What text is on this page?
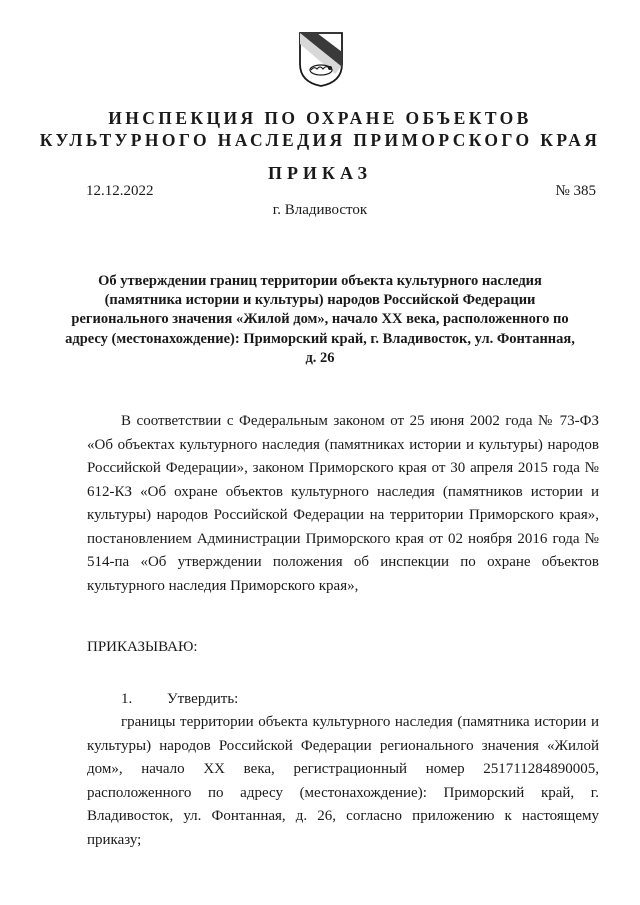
ИНСПЕКЦИЯ ПО ОХРАНЕ ОБЪЕКТОВ
КУЛЬТУРНОГО НАСЛЕДИЯ ПРИМОРСКОГО КРАЯ
ПРИКАЗ
12.12.2022	№ 385
г. Владивосток
Об утверждении границ территории объекта культурного наследия (памятника истории и культуры) народов Российской Федерации регионального значения «Жилой дом», начало XX века, расположенного по адресу (местонахождение): Приморский край, г. Владивосток, ул. Фонтанная, д. 26
В соответствии с Федеральным законом от 25 июня 2002 года № 73-ФЗ «Об объектах культурного наследия (памятниках истории и культуры) народов Российской Федерации», законом Приморского края от 30 апреля 2015 года № 612-КЗ «Об охране объектов культурного наследия (памятников истории и культуры) народов Российской Федерации на территории Приморского края», постановлением Администрации Приморского края от 02 ноября 2016 года № 514-па «Об утверждении положения об инспекции по охране объектов культурного наследия Приморского края»,
ПРИКАЗЫВАЮ:
1. Утвердить:
границы территории объекта культурного наследия (памятника истории и культуры) народов Российской Федерации регионального значения «Жилой дом», начало XX века, регистрационный номер 251711284890005, расположенного по адресу (местонахождение): Приморский край, г. Владивосток, ул. Фонтанная, д. 26, согласно приложению к настоящему приказу;
